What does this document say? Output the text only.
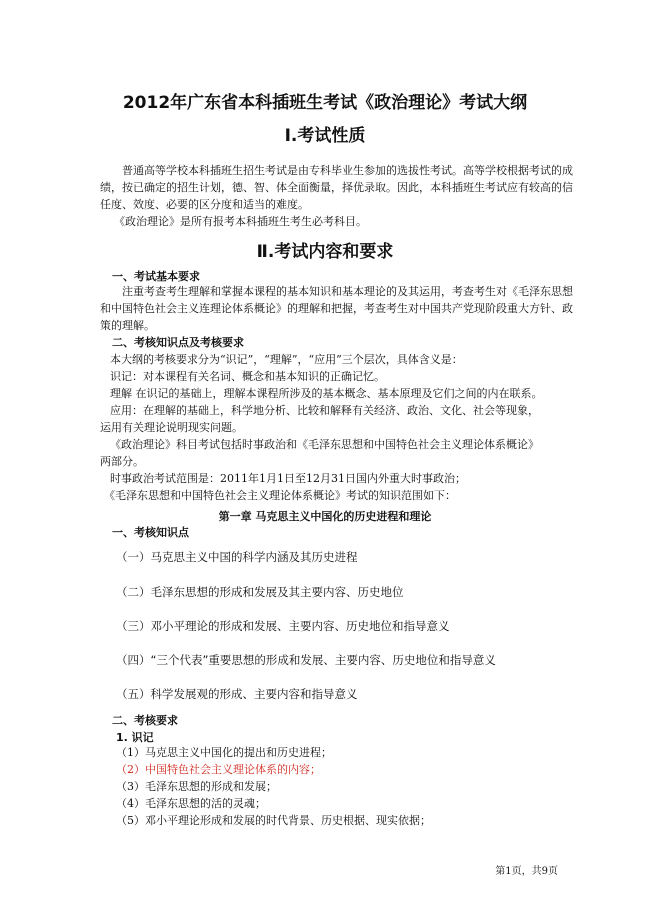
2012年广东省本科插班生考试《政治理论》考试大纲
Ⅰ.考试性质
普通高等学校本科插班生招生考试是由专科毕业生参加的选拔性考试。高等学校根据考试的成绩，按已确定的招生计划，德、智、体全面衡量，择优录取。因此，本科插班生考试应有较高的信任度、效度、必要的区分度和适当的难度。
《政治理论》是所有报考本科插班生考生必考科目。
Ⅱ.考试内容和要求
一、考试基本要求
注重考查考生理解和掌握本课程的基本知识和基本理论的及其运用，考查考生对《毛泽东思想和中国特色社会主义连理论体系概论》的理解和把握，考查考生对中国共产党现阶段重大方针、政策的理解。
二、考核知识点及考核要求
本大纲的考核要求分为“识记”，“理解”，“应用”三个层次，具体含义是：
识记：对本课程有关名词、概念和基本知识的正确记忆。
理解 在识记的基础上，理解本课程所涉及的基本概念、基本原理及它们之间的内在联系。
应用：在理解的基础上，科学地分析、比较和解释有关经济、政治、文化、社会等现象，
运用有关理论说明现实问题。
《政治理论》科目考试包括时事政治和《毛泽东思想和中国特色社会主义理论体系概论》
两部分。
时事政治考试范围是：2011年1月1日至12月31日国内外重大时事政治；
《毛泽东思想和中国特色社会主义理论体系概论》考试的知识范围如下：
第一章 马克思主义中国化的历史进程和理论
一、考核知识点
（一）马克思主义中国的科学内涵及其历史进程
（二）毛泽东思想的形成和发展及其主要内容、历史地位
（三）邓小平理论的形成和发展、主要内容、历史地位和指导意义
（四）“三个代表”重要思想的形成和发展、主要内容、历史地位和指导意义
（五）科学发展观的形成、主要内容和指导意义
二、考核要求
1. 识记
（1）马克思主义中国化的提出和历史进程；
（2）中国特色社会主义理论体系的内容；
（3）毛泽东思想的形成和发展；
（4）毛泽东思想的活的灵魂；
（5）邓小平理论形成和发展的时代背景、历史根据、现实依据；
第1页，共9页
